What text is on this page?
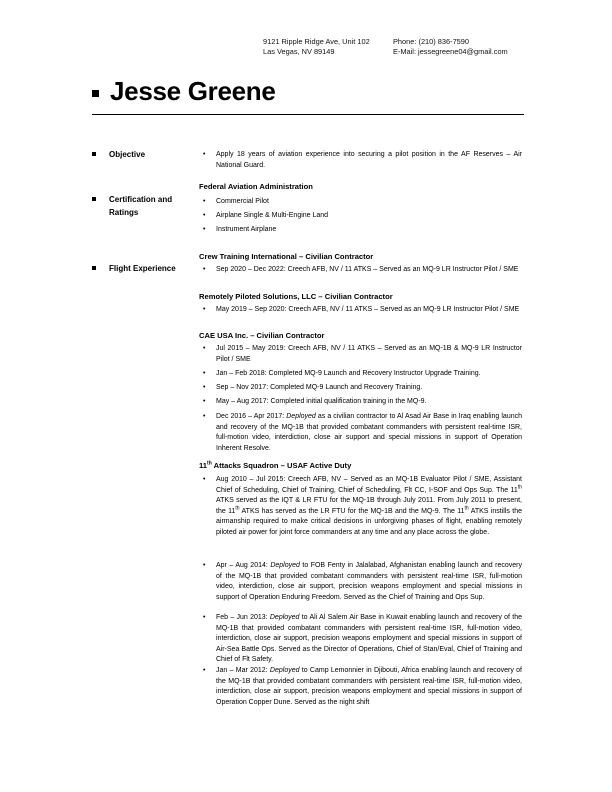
9121 Ripple Ridge Ave, Unit 102
Las Vegas, NV 89149
Phone: (210) 836-7590
E-Mail: jessegreene04@gmail.com
Jesse Greene
Objective
Certification and Ratings
Flight Experience
•	Apply 18 years of aviation experience into securing a pilot position in the AF Reserves – Air National Guard.
Federal Aviation Administration
•	Commercial Pilot
•	Airplane Single & Multi-Engine Land
•	Instrument Airplane
Crew Training International – Civilian Contractor
•	Sep 2020 – Dec 2022: Creech AFB, NV / 11 ATKS – Served as an MQ-9 LR Instructor Pilot / SME
Remotely Piloted Solutions, LLC – Civilian Contractor
•	May 2019 – Sep 2020: Creech AFB, NV / 11 ATKS – Served as an MQ-9 LR Instructor Pilot / SME
CAE USA Inc. – Civilian Contractor
•	Jul 2015 – May 2019: Creech AFB, NV / 11 ATKS – Served as an MQ-1B & MQ-9 LR Instructor Pilot / SME
•	Jan – Feb 2018: Completed MQ-9 Launch and Recovery Instructor Upgrade Training.
•	Sep – Nov 2017: Completed MQ-9 Launch and Recovery Training.
•	May – Aug 2017: Completed initial qualification training in the MQ-9.
•	Dec 2016 – Apr 2017: Deployed as a civilian contractor to Al Asad Air Base in Iraq enabling launch and recovery of the MQ-1B that provided combatant commanders with persistent real-time ISR, full-motion video, interdiction, close air support and special missions in support of Operation Inherent Resolve.
11th Attacks Squadron – USAF Active Duty
•	Aug 2010 – Jul 2015: Creech AFB, NV – Served as an MQ-1B Evaluator Pilot / SME, Assistant Chief of Scheduling, Chief of Training, Chief of Scheduling, Flt CC, I-SOF and Ops Sup. The 11th ATKS served as the IQT & LR FTU for the MQ-1B through July 2011. From July 2011 to present, the 11th ATKS has served as the LR FTU for the MQ-1B and the MQ-9. The 11th ATKS instills the airmanship required to make critical decisions in unforgiving phases of flight, enabling remotely piloted air power for joint force commanders at any time and any place across the globe.
•	Apr – Aug 2014: Deployed to FOB Fenty in Jalalabad, Afghanistan enabling launch and recovery of the MQ-1B that provided combatant commanders with persistent real-time ISR, full-motion video, interdiction, close air support, precision weapons employment and special missions in support of Operation Enduring Freedom. Served as the Chief of Training and Ops Sup.
•	Feb – Jun 2013: Deployed to Ali Al Salem Air Base in Kuwait enabling launch and recovery of the MQ-1B that provided combatant commanders with persistent real-time ISR, full-motion video, interdiction, close air support, precision weapons employment and special missions in support of Air-Sea Battle Ops. Served as the Director of Operations, Chief of Stan/Eval, Chief of Training and Chief of Flt Safety.
•	Jan – Mar 2012: Deployed to Camp Lemonnier in Djibouti, Africa enabling launch and recovery of the MQ-1B that provided combatant commanders with persistent real-time ISR, full-motion video, interdiction, close air support, precision weapons employment and special missions in support of Operation Copper Dune. Served as the night shift
